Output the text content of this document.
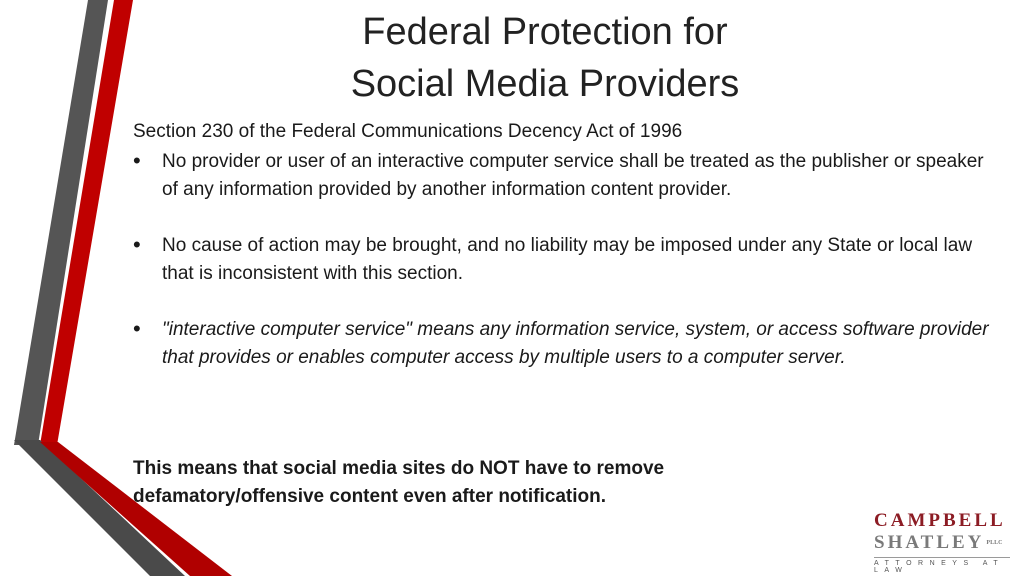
Federal Protection for
Social Media Providers

Section 230 of the Federal Communications Decency Act of 1996

• No provider or user of an interactive computer service shall be treated as the publisher or speaker of any information provided by another information content provider.
• No cause of action may be brought, and no liability may be imposed under any State or local law that is inconsistent with this section.
• "interactive computer service" means any information service, system, or access software provider that provides or enables computer access by multiple users to a computer server.
This means that social media sites do NOT have to remove defamatory/offensive content even after notification.
CAMPBELL
SHATLEY $^{PLLC}$
ATTORNEYS AT LAW
